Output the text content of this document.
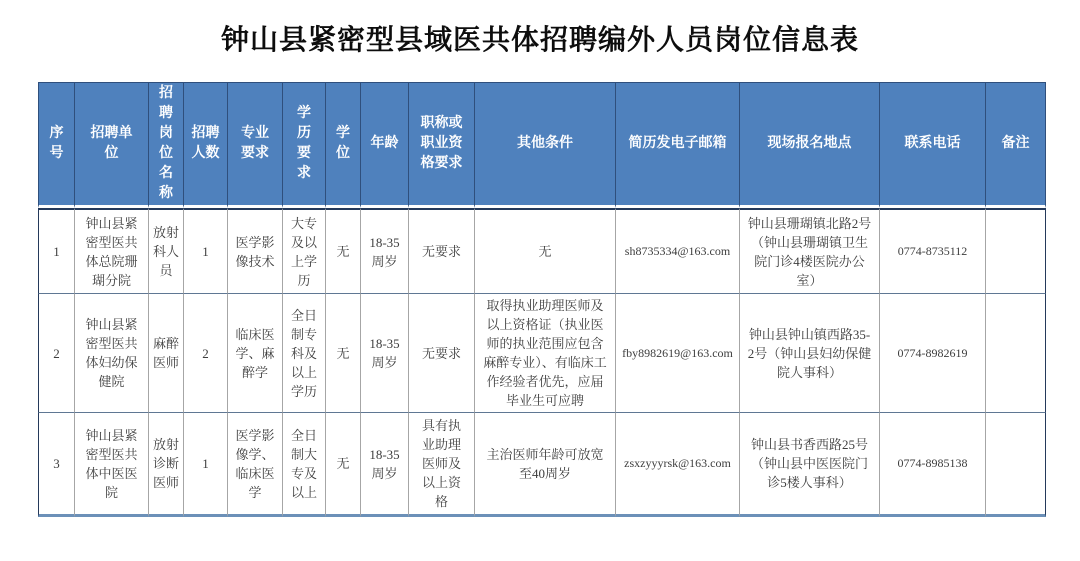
钟山县紧密型县域医共体招聘编外人员岗位信息表
序号	招聘单位	招聘岗位名称	招聘人数	专业要求	学历要求	学位	年龄	职称或职业资格要求	其他条件	简历发电子邮箱	现场报名地点	联系电话	备注
1	钟山县紧密型医共体总院珊瑚分院	放射科人员	1	医学影像技术	大专及以上学历	无	18-35周岁	无要求	无	sh8735334@163.com	钟山县珊瑚镇北路2号（钟山县珊瑚镇卫生院门诊4楼医院办公室）	0774-8735112	
2	钟山县紧密型医共体妇幼保健院	麻醉医师	2	临床医学、麻醉学	全日制专科及以上学历	无	18-35周岁	无要求	取得执业助理医师及以上资格证（执业医师的执业范围应包含麻醉专业）、有临床工作经验者优先，应届毕业生可应聘	fby8982619@163.com	钟山县钟山镇西路35-2号（钟山县妇幼保健院人事科）	0774-8982619	
3	钟山县紧密型医共体中医医院	放射诊断医师	1	医学影像学、临床医学	全日制大专及以上	无	18-35周岁	具有执业助理医师及以上资格	主治医师年龄可放宽至40周岁	zsxzyyyrsk@163.com	钟山县书香西路25号（钟山县中医医院门诊5楼人事科）	0774-8985138	
